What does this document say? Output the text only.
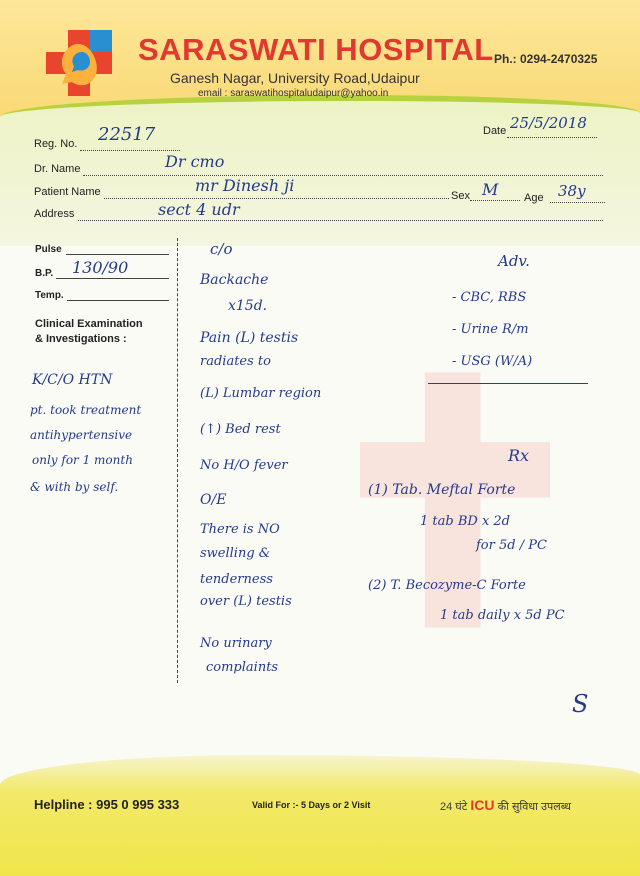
SARASWATI HOSPITAL
Ganesh Nagar, University Road,Udaipur
email : saraswatihospitaludaipur@yahoo.in
Ph.: 0294-2470325
Reg. No. 22517	Date 25/5/2018
Dr. Name	Dr cmo
Patient Name	mr Dinesh ji
Sex M Age 38y
Address	sect 4 udr
Pulse
B.P. 130/90
Temp.
Clinical Examination
& Investigations :
K/C/O HTN
pt. took treatment
antihypertensive
only for 1 month
& with by self.
c/o
Backache
x15d.
Pain (L) testis
radiates to
(L) Lumbar region
(↑) Bed rest
No H/O fever
O/E
There is NO
swelling &
tenderness
over (L) testis
No urinary
complaints
Adv.
- CBC, RBS
- Urine R/m
- USG (W/A)
Rx
(1) Tab. Meftal Forte
1 tab BD x 2d
for 5d / PC
(2) T. Becozyme-C Forte
1 tab daily x 5d PC
S
Helpline : 995 0 995 333	Valid For :- 5 Days or 2 Visit	24 घंटे ICU की सुविधा उपलब्ध
